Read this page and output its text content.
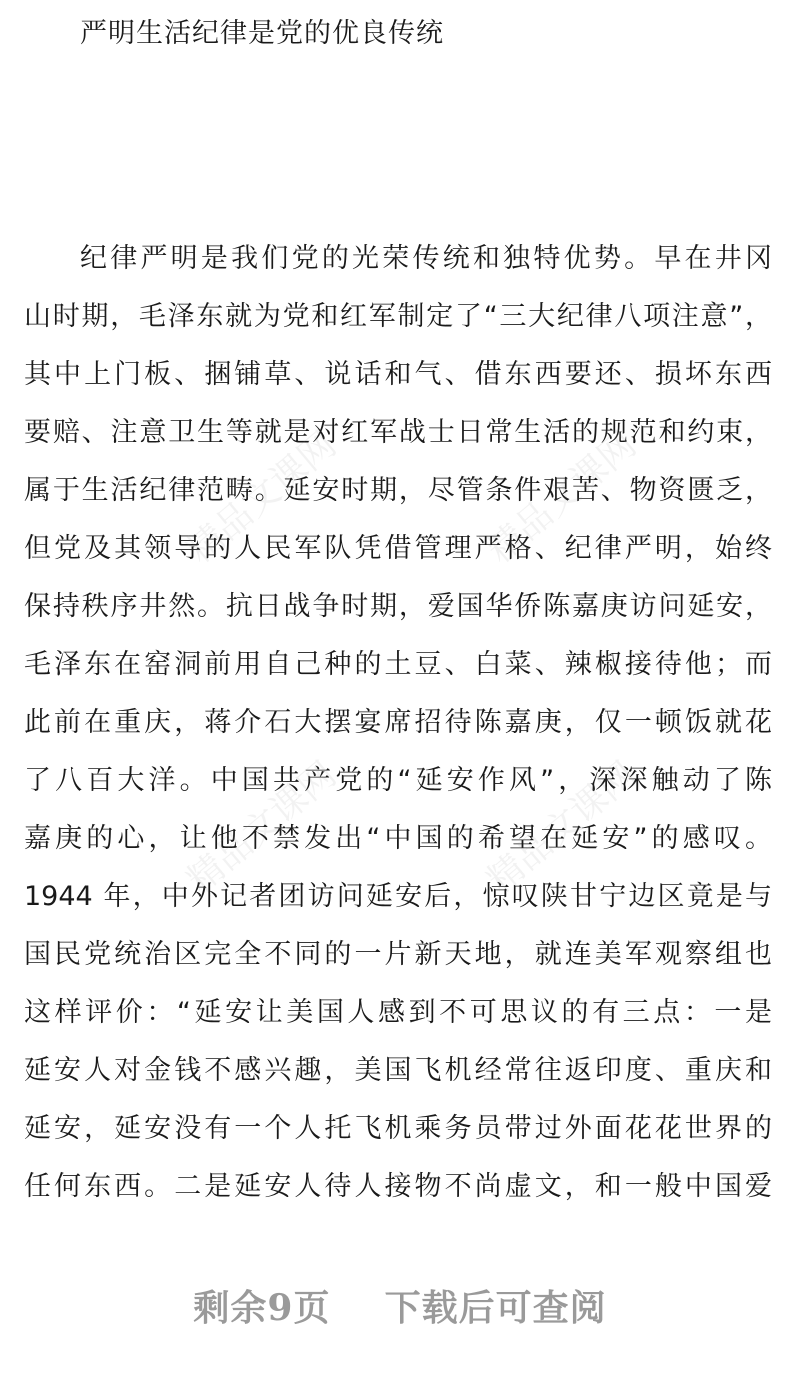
严明生活纪律是党的优良传统
纪律严明是我们党的光荣传统和独特优势。早在井冈
山时期，毛泽东就为党和红军制定了“三大纪律八项注意”，
其中上门板、捆铺草、说话和气、借东西要还、损坏东西
要赔、注意卫生等就是对红军战士日常生活的规范和约束，
属于生活纪律范畴。延安时期，尽管条件艰苦、物资匮乏，
但党及其领导的人民军队凭借管理严格、纪律严明，始终
保持秩序井然。抗日战争时期，爱国华侨陈嘉庚访问延安，
毛泽东在窑洞前用自己种的土豆、白菜、辣椒接待他；而
此前在重庆，蒋介石大摆宴席招待陈嘉庚，仅一顿饭就花
了八百大洋。中国共产党的“延安作风”，深深触动了陈
嘉庚的心，让他不禁发出“中国的希望在延安”的感叹。
1944 年，中外记者团访问延安后，惊叹陕甘宁边区竟是与
国民党统治区完全不同的一片新天地，就连美军观察组也
这样评价：“延安让美国人感到不可思议的有三点：一是
延安人对金钱不感兴趣，美国飞机经常往返印度、重庆和
延安，延安没有一个人托飞机乘务员带过外面花花世界的
任何东西。二是延安人待人接物不尚虚文，和一般中国爱
精品文课网	精品文课网
精品文课网	精品文课网
剩余9页 下载后可查阅
